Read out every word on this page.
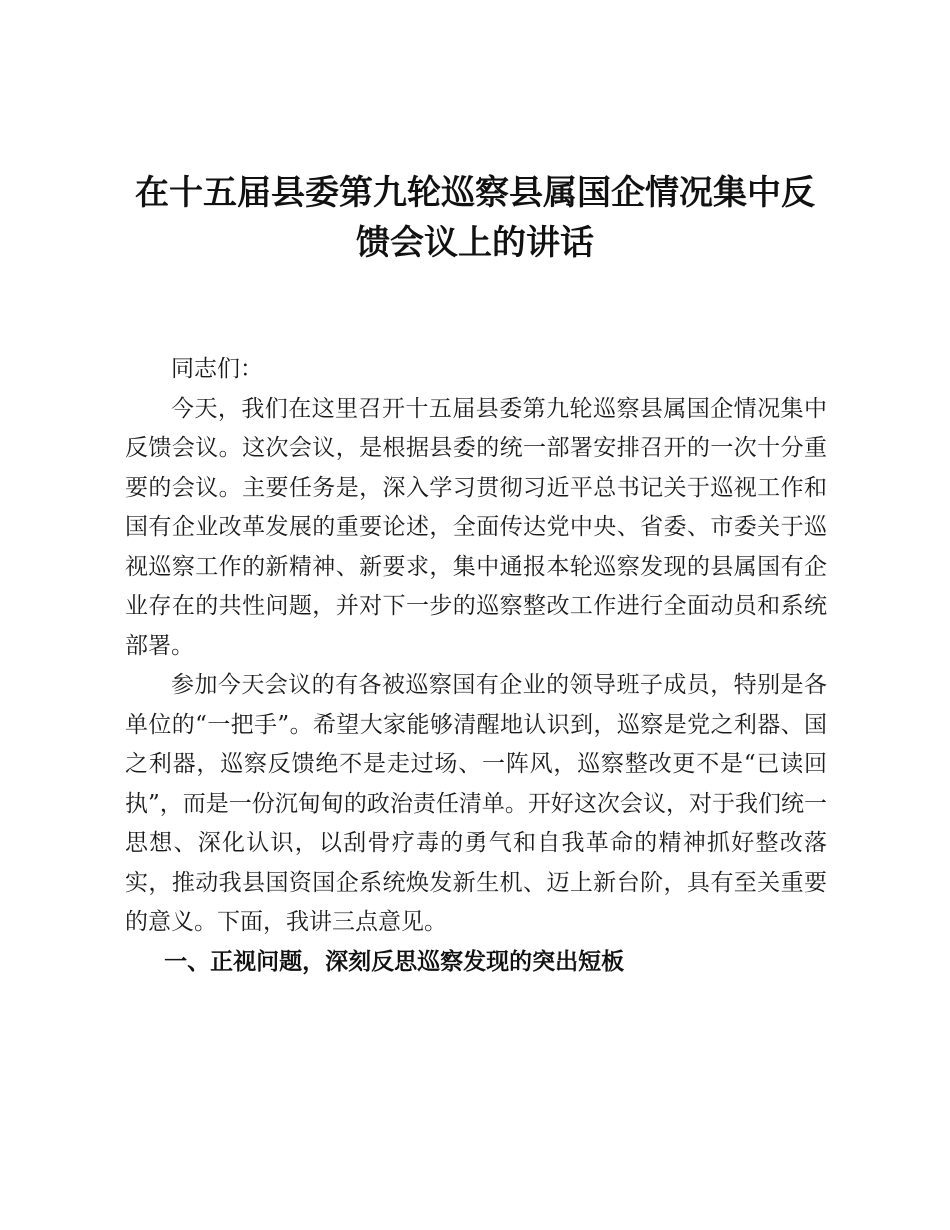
在十五届县委第九轮巡察县属国企情况集中反
馈会议上的讲话

同志们：

今天，我们在这里召开十五届县委第九轮巡察县属国企情况集中反馈会议。这次会议，是根据县委的统一部署安排召开的一次十分重要的会议。主要任务是，深入学习贯彻习近平总书记关于巡视工作和国有企业改革发展的重要论述，全面传达党中央、省委、市委关于巡视巡察工作的新精神、新要求，集中通报本轮巡察发现的县属国有企业存在的共性问题，并对下一步的巡察整改工作进行全面动员和系统部署。

参加今天会议的有各被巡察国有企业的领导班子成员，特别是各单位的“一把手”。希望大家能够清醒地认识到，巡察是党之利器、国之利器，巡察反馈绝不是走过场、一阵风，巡察整改更不是“已读回执”，而是一份沉甸甸的政治责任清单。开好这次会议，对于我们统一思想、深化认识，以刮骨疗毒的勇气和自我革命的精神抓好整改落实，推动我县国资国企系统焕发新生机、迈上新台阶，具有至关重要的意义。下面，我讲三点意见。

一、正视问题，深刻反思巡察发现的突出短板
